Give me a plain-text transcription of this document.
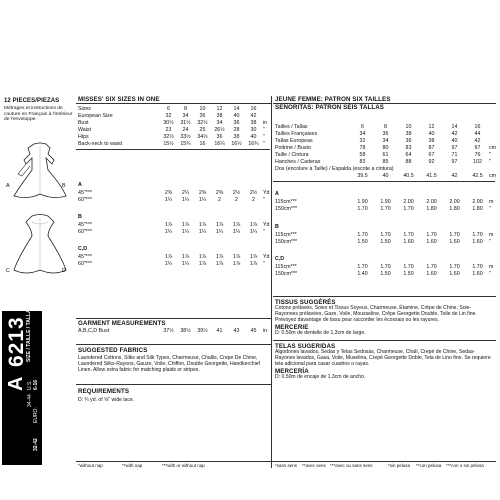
12 PIECES/PIEZAS
Métrages et instructions de couture en Français à l'intérieur de l'enveloppe.
A	B
C	D
6213
SIZE / TAILLE / TALLA
A U.S. 6-16
34-44
EURO.
32-42
MISSES' SIX SIZES IN ONE
Sizes	6	8	10	12	14	16
European Size	32	34	36	38	40	42
Bust	30½	31½	32½	34	36	38	in
Waist	23	24	25	26½	28	30	"
Hips	32½	33½	34½	36	38	40	"
Back-neck to waist	15½	15¾	16	16¼	16½	16¾ "
A
45"***	2⅜	2¼	2⅜	2⅜	2½	2½	Yd
60"***	1¼	1¼	1¼	2	2	2	"
B
45"***	1⅞	1⅞	1⅞	1⅞	1⅞	1⅞	Yd
60"***	1¼	1¼	1¼	1¼	1¼	1¼	"
C,D
45"***	1⅞	1⅞	1⅞	1⅞	1⅞	1⅞	Yd
60"***	1¼	1¼	1⅞	1⅞	1⅞	1⅞	"
GARMENT MEASUREMENTS
A,B,C,D Bust	37½	38½	39½	41	43	45	in
SUGGESTED FABRICS
Laundered Cottons, Silks and Silk Types, Charmeuse, Challis, Crepe De Chine, Laundered Silks-Rayons, Gauze, Voile, Chiffon, Double Georgette, Handkerchief Linen. Allow extra fabric for matching plaids or stripes.
REQUIREMENTS
D: ¾ yd. of ⅝" wide lace.
*without nap	**with nap	***with or without nap
JEUNE FEMME: PATRON SIX TAILLES
SEÑORITAS: PATRÓN SEIS TALLAS
Tailles / Tallas	6	8	10	12	14	16
Tailles Françaises	34	36	38	40	42	44
Tallas Europeas	32	34	36	38	40	42
Poitrine / Busto	78	80	83	87	97	97	cm
Taille / Cintura	58	61	64	67	71	76	"
Hanches / Caderas	83	85	88	92	97	102	"
Dos (encolure à Taille) / Espalda (escote a cintura)
39.5	40	40.5	41.5	42	42.5	cm
A
115cm***	1.90	1.90	2.00	2.00	2.00	2.00	m
150cm***	1.70	1.70	1.70	1.80	1.80	1.80	"
B
115cm***	1.70	1.70	1.70	1.70	1.70	1.70	m
150cm***	1.50	1.50	1.60	1.60	1.60	1.60	"
C,D
115cm***	1.70	1.70	1.70	1.70	1.70	1.70	m
150cm***	1.40	1.50	1.50	1.60	1.60	1.60	"
TISSUS SUGGÉRÉS
Cotons prélavés, Soies et Tissus Soyeux, Charmeuse, Étamine, Crêpe de Chine, Soie-Rayonnes prélavées, Gaze, Voile, Mousseline, Crêpe Georgette Double, Toile de Lin fine. Prévoyez davantage de tissu pour raccorder les écossais ou les rayures.
MERCERIE
D: 0.50m de dentelle de 1.3cm de large.
TELAS SUGERIDAS
Algodones lavados, Sedas y Telas Sedosas, Charmeuse, Chalí, Crepé de Chine, Sedas-Rayones lavados, Gasa, Voile, Muselina, Crepé Georgette Doble, Tela de Lino fino. Se requiere tela adicional para casar cuadros o rayas.
MERCERÍA
D: 0.50m de encaje de 1.3cm de ancho.
*sans sens **avec sens ***avec ou sans sens	*sin pelusa **con pelusa ***con o sin pelusa
